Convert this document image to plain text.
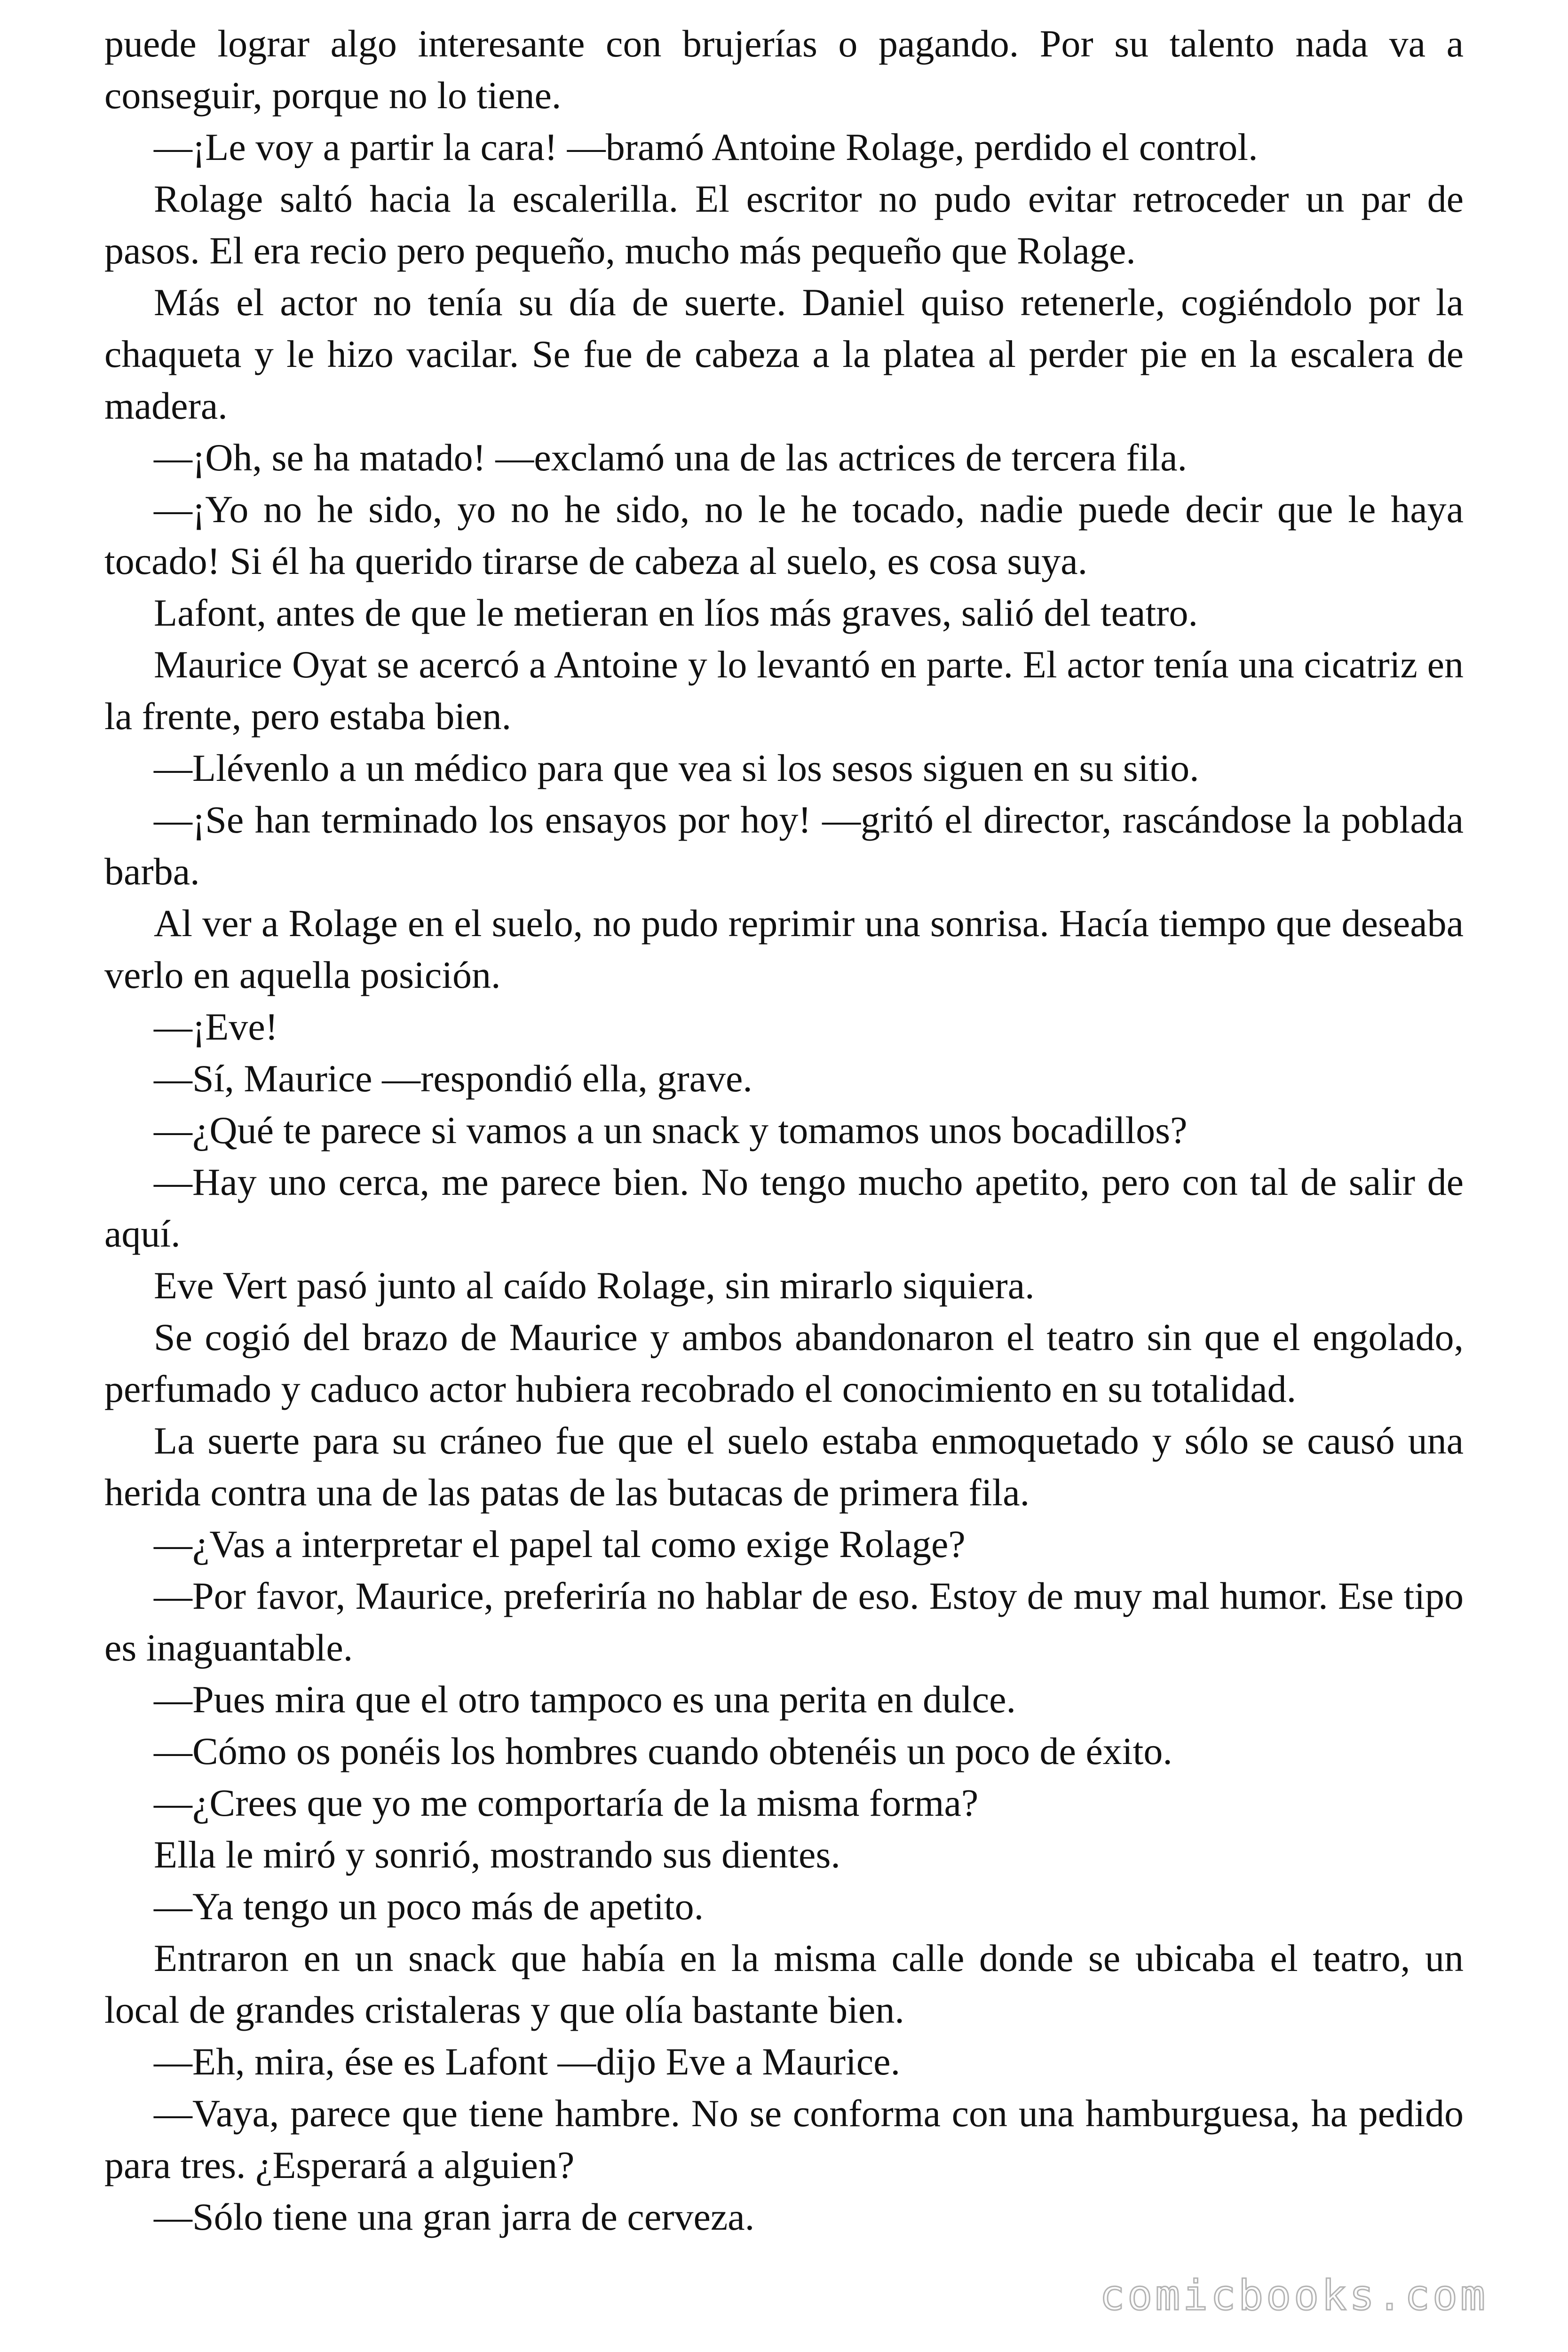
puede lograr algo interesante con brujerías o pagando. Por su talento nada va a conseguir, porque no lo tiene.

—¡Le voy a partir la cara! —bramó Antoine Rolage, perdido el control.

Rolage saltó hacia la escalerilla. El escritor no pudo evitar retroceder un par de pasos. El era recio pero pequeño, mucho más pequeño que Rolage.

Más el actor no tenía su día de suerte. Daniel quiso retenerle, cogiéndolo por la chaqueta y le hizo vacilar. Se fue de cabeza a la platea al perder pie en la escalera de madera.

—¡Oh, se ha matado! —exclamó una de las actrices de tercera fila.

—¡Yo no he sido, yo no he sido, no le he tocado, nadie puede decir que le haya tocado! Si él ha querido tirarse de cabeza al suelo, es cosa suya.

Lafont, antes de que le metieran en líos más graves, salió del teatro.

Maurice Oyat se acercó a Antoine y lo levantó en parte. El actor tenía una cicatriz en la frente, pero estaba bien.

—Llévenlo a un médico para que vea si los sesos siguen en su sitio.

—¡Se han terminado los ensayos por hoy! —gritó el director, rascándose la poblada barba.

Al ver a Rolage en el suelo, no pudo reprimir una sonrisa. Hacía tiempo que deseaba verlo en aquella posición.

—¡Eve!

—Sí, Maurice —respondió ella, grave.

—¿Qué te parece si vamos a un snack y tomamos unos bocadillos?

—Hay uno cerca, me parece bien. No tengo mucho apetito, pero con tal de salir de aquí.

Eve Vert pasó junto al caído Rolage, sin mirarlo siquiera.

Se cogió del brazo de Maurice y ambos abandonaron el teatro sin que el engolado, perfumado y caduco actor hubiera recobrado el conocimiento en su totalidad.

La suerte para su cráneo fue que el suelo estaba enmoquetado y sólo se causó una herida contra una de las patas de las butacas de primera fila.

—¿Vas a interpretar el papel tal como exige Rolage?

—Por favor, Maurice, preferiría no hablar de eso. Estoy de muy mal humor. Ese tipo es inaguantable.

—Pues mira que el otro tampoco es una perita en dulce.

—Cómo os ponéis los hombres cuando obtenéis un poco de éxito.

—¿Crees que yo me comportaría de la misma forma?

Ella le miró y sonrió, mostrando sus dientes.

—Ya tengo un poco más de apetito.

Entraron en un snack que había en la misma calle donde se ubicaba el teatro, un local de grandes cristaleras y que olía bastante bien.

—Eh, mira, ése es Lafont —dijo Eve a Maurice.

—Vaya, parece que tiene hambre. No se conforma con una hamburguesa, ha pedido para tres. ¿Esperará a alguien?

—Sólo tiene una gran jarra de cerveza.

comicbooks.com
